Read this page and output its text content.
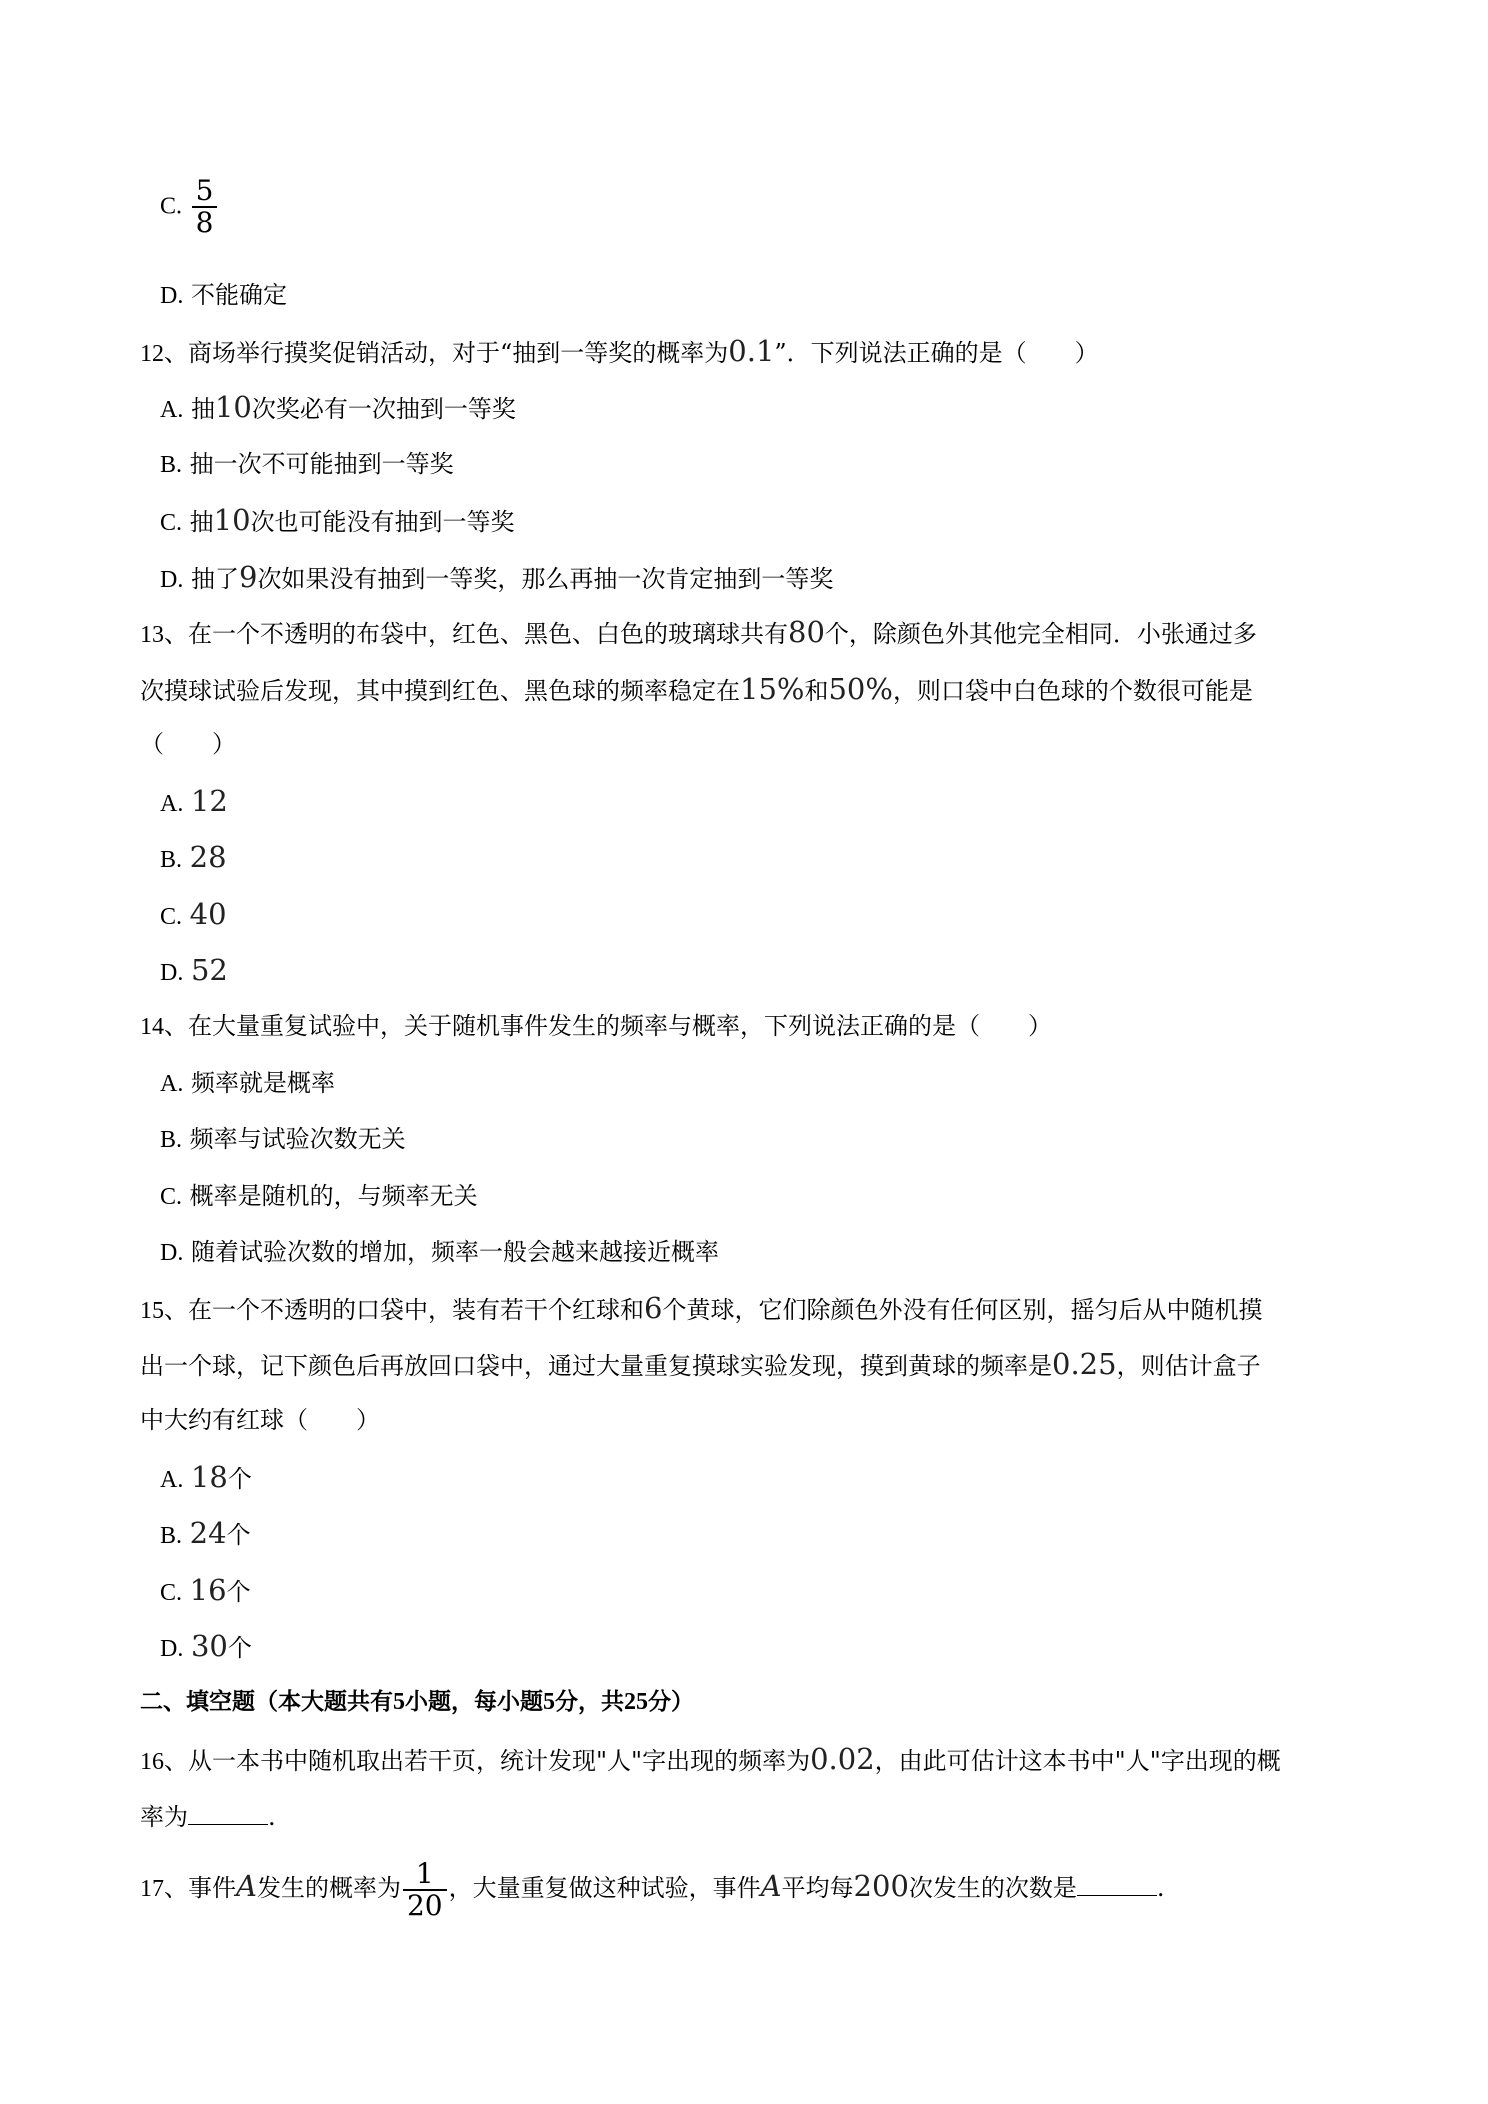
C. $\frac{5}{8}$
D. 不能确定
12、商场举行摸奖促销活动，对于“抽到一等奖的概率为0.1”．下列说法正确的是（　　）
A. 抽10次奖必有一次抽到一等奖
B. 抽一次不可能抽到一等奖
C. 抽10次也可能没有抽到一等奖
D. 抽了9次如果没有抽到一等奖，那么再抽一次肯定抽到一等奖
13、在一个不透明的布袋中，红色、黑色、白色的玻璃球共有80个，除颜色外其他完全相同．小张通过多
次摸球试验后发现，其中摸到红色、黑色球的频率稳定在15%和50%，则口袋中白色球的个数很可能是
（　　）
A. 12
B. 28
C. 40
D. 52
14、在大量重复试验中，关于随机事件发生的频率与概率，下列说法正确的是（　　）
A. 频率就是概率
B. 频率与试验次数无关
C. 概率是随机的，与频率无关
D. 随着试验次数的增加，频率一般会越来越接近概率
15、在一个不透明的口袋中，装有若干个红球和6个黄球，它们除颜色外没有任何区别，摇匀后从中随机摸
出一个球，记下颜色后再放回口袋中，通过大量重复摸球实验发现，摸到黄球的频率是0.25，则估计盒子
中大约有红球（　　）
A. 18个
B. 24个
C. 16个
D. 30个
二、填空题（本大题共有5小题，每小题5分，共25分）
16、从一本书中随机取出若干页，统计发现"人"字出现的频率为0.02，由此可估计这本书中"人"字出现的概
率为	.
17、事件A发生的概率为 $\frac{1}{20}$ ，大量重复做这种试验，事件A平均每200次发生的次数是	.
